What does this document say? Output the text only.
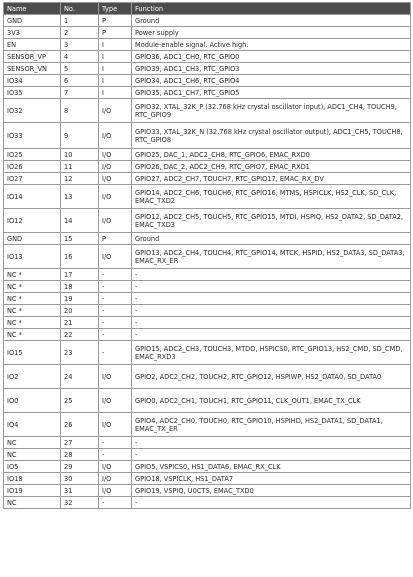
Name	No.	Type	Function
GND	1	P	Ground
3V3	2	P	Power supply
EN	3	I	Module-enable signal. Active high.
SENSOR_VP	4	I	GPIO36, ADC1_CH0, RTC_GPIO0
SENSOR_VN	5	I	GPIO39, ADC1_CH3, RTC_GPIO3
IO34	6	I	GPIO34, ADC1_CH6, RTC_GPIO4
IO35	7	I	GPIO35, ADC1_CH7, RTC_GPIO5
IO32	8	I/O	GPIO32, XTAL_32K_P (32.768 kHz crystal oscillator input), ADC1_CH4, TOUCH9, RTC_GPIO9
IO33	9	I/O	GPIO33, XTAL_32K_N (32.768 kHz crystal oscillator output), ADC1_CH5, TOUCH8, RTC_GPIO8
IO25	10	I/O	GPIO25, DAC_1, ADC2_CH8, RTC_GPIO6, EMAC_RXD0
IO26	11	I/O	GPIO26, DAC_2, ADC2_CH9, RTC_GPIO7, EMAC_RXD1
IO27	12	I/O	GPIO27, ADC2_CH7, TOUCH7, RTC_GPIO17, EMAC_RX_DV
IO14	13	I/O	GPIO14, ADC2_CH6, TOUCH6, RTC_GPIO16, MTMS, HSPICLK, HS2_CLK, SD_CLK, EMAC_TXD2
IO12	14	I/O	GPIO12, ADC2_CH5, TOUCH5, RTC_GPIO15, MTDI, HSPIQ, HS2_DATA2, SD_DATA2, EMAC_TXD3
GND	15	P	Ground
IO13	16	I/O	GPIO13, ADC2_CH4, TOUCH4, RTC_GPIO14, MTCK, HSPID, HS2_DATA3, SD_DATA3, EMAC_RX_ER
NC *	17	-	-
NC *	18	-	-
NC *	19	-	-
NC *	20	-	-
NC *	21	-	-
NC *	22	-	-
IO15	23	-	GPIO15, ADC2_CH3, TOUCH3, MTDO, HSPICS0, RTC_GPIO13, HS2_CMD, SD_CMD, EMAC_RXD3
IO2	24	I/O	GPIO2, ADC2_CH2, TOUCH2, RTC_GPIO12, HSPIWP, HS2_DATA0, SD_DATA0
IO0	25	I/O	GPIO0, ADC2_CH1, TOUCH1, RTC_GPIO11, CLK_OUT1, EMAC_TX_CLK
IO4	26	I/O	GPIO4, ADC2_CH0, TOUCH0, RTC_GPIO10, HSPIHD, HS2_DATA1, SD_DATA1, EMAC_TX_ER
NC	27	-	-
NC	28	-	-
IO5	29	I/O	GPIO5, VSPICS0, HS1_DATA6, EMAC_RX_CLK
IO18	30	I/O	GPIO18, VSPICLK, HS1_DATA7
IO19	31	I/O	GPIO19, VSPIQ, U0CTS, EMAC_TXD0
NC	32	-	-
